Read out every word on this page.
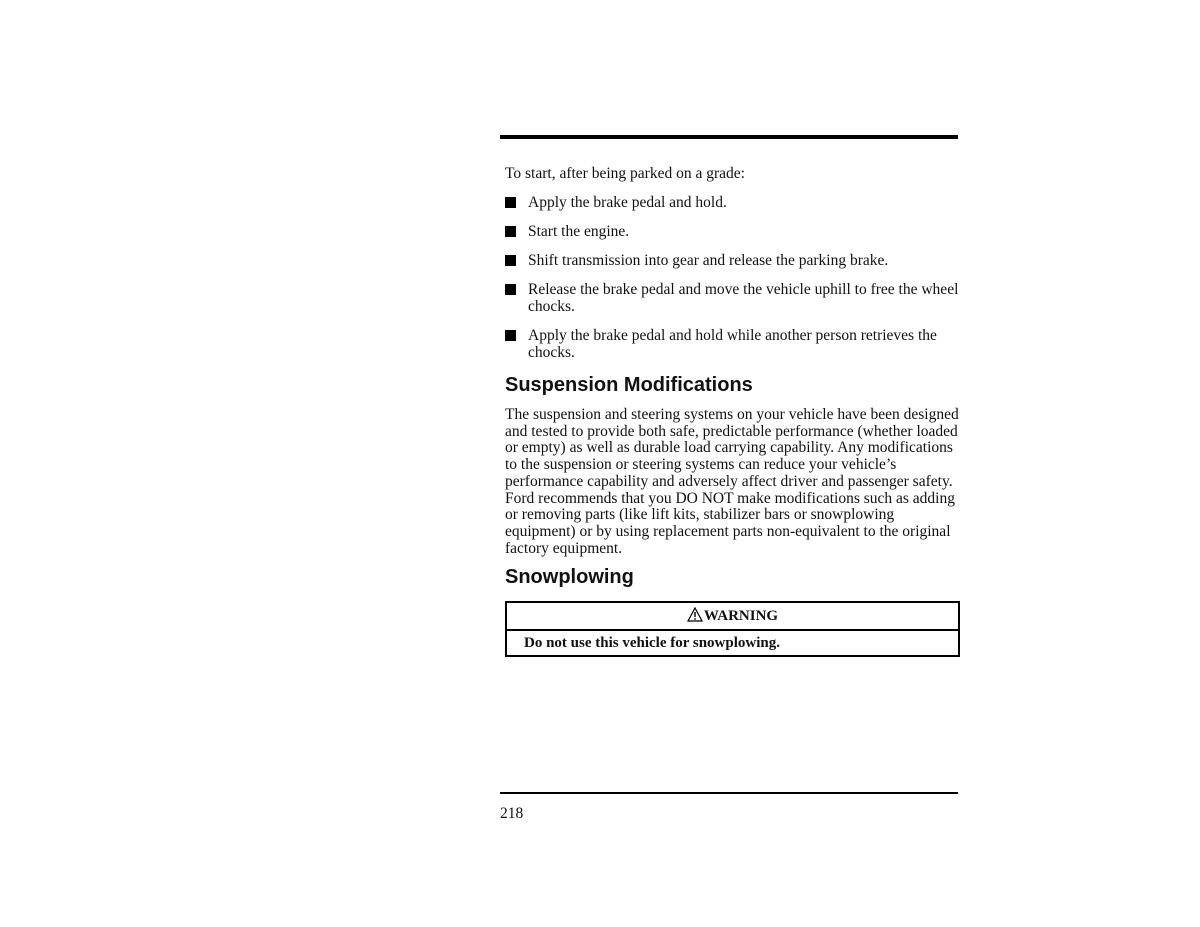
To start, after being parked on a grade:

Apply the brake pedal and hold.
Start the engine.
Shift transmission into gear and release the parking brake.
Release the brake pedal and move the vehicle uphill to free the wheel chocks.
Apply the brake pedal and hold while another person retrieves the chocks.
Suspension Modifications

The suspension and steering systems on your vehicle have been designed and tested to provide both safe, predictable performance (whether loaded or empty) as well as durable load carrying capability. Any modifications to the suspension or steering systems can reduce your vehicle’s performance capability and adversely affect driver and passenger safety. Ford recommends that you DO NOT make modifications such as adding or removing parts (like lift kits, stabilizer bars or snowplowing equipment) or by using replacement parts non-equivalent to the original factory equipment.

Snowplowing
WARNING
Do not use this vehicle for snowplowing.
218
